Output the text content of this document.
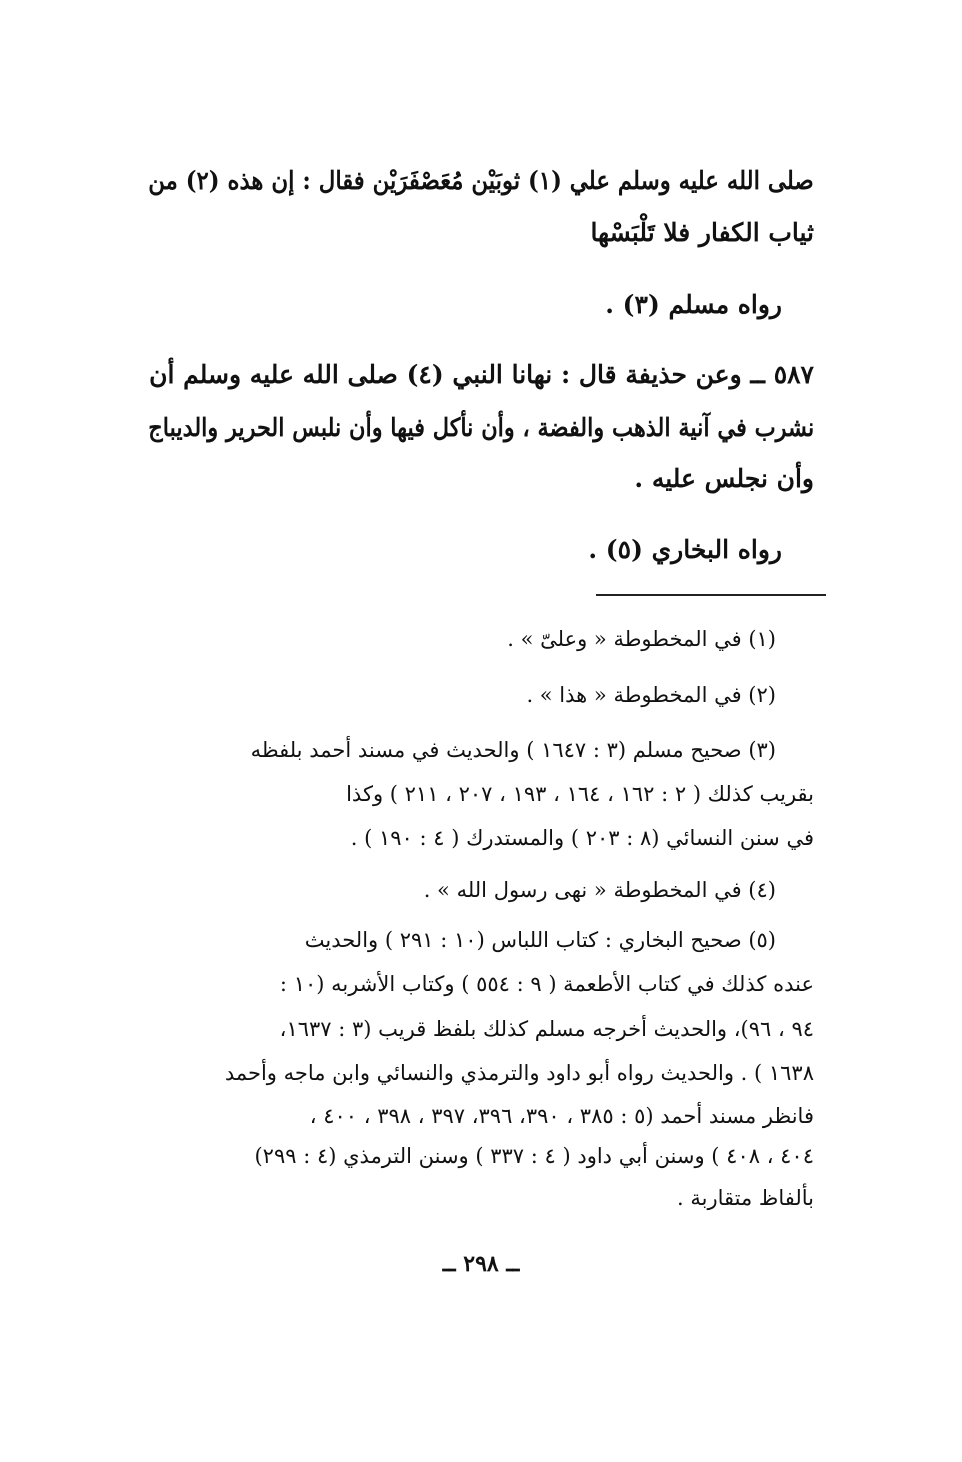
صلى الله عليه وسلم علي (١) ثوبَيْن مُعَصْفَرَيْن فقال : إن هذه (٢) من
ثياب الكفار فلا تَلْبَسْها
رواه مسلم (٣) .
٥٨٧ ــ وعن حذيفة قال : نهانا النبي (٤) صلى الله عليه وسلم أن
نشرب في آنية الذهب والفضة ، وأن نأكل فيها وأن نلبس الحرير والديباج
وأن نجلس عليه .
رواه البخاري (٥) .
(١) في المخطوطة « وعلىّ » .
(٢) في المخطوطة « هذا » .
(٣) صحيح مسلم (٣ : ١٦٤٧ ) والحديث في مسند أحمد بلفظه
بقريب كذلك ( ٢ : ١٦٢ ، ١٦٤ ، ١٩٣ ، ٢٠٧ ، ٢١١ ) وكذا
في سنن النسائي (٨ : ٢٠٣ ) والمستدرك ( ٤ : ١٩٠ ) .
(٤) في المخطوطة « نهى رسول الله » .
(٥) صحيح البخاري : كتاب اللباس (١٠ : ٢٩١ ) والحديث
عنده كذلك في كتاب الأطعمة ( ٩ : ٥٥٤ ) وكتاب الأشربه (١٠ :
٩٤ ، ٩٦)، والحديث أخرجه مسلم كذلك بلفظ قريب (٣ : ١٦٣٧،
١٦٣٨ ) . والحديث رواه أبو داود والترمذي والنسائي وابن ماجه وأحمد
فانظر مسند أحمد (٥ : ٣٨٥ ، ٣٩٠، ٣٩٦، ٣٩٧ ، ٣٩٨ ، ٤٠٠ ،
٤٠٤ ، ٤٠٨ ) وسنن أبي داود ( ٤ : ٣٣٧ ) وسنن الترمذي (٤ : ٢٩٩)
بألفاظ متقاربة .
ــ ٢٩٨ ــ
